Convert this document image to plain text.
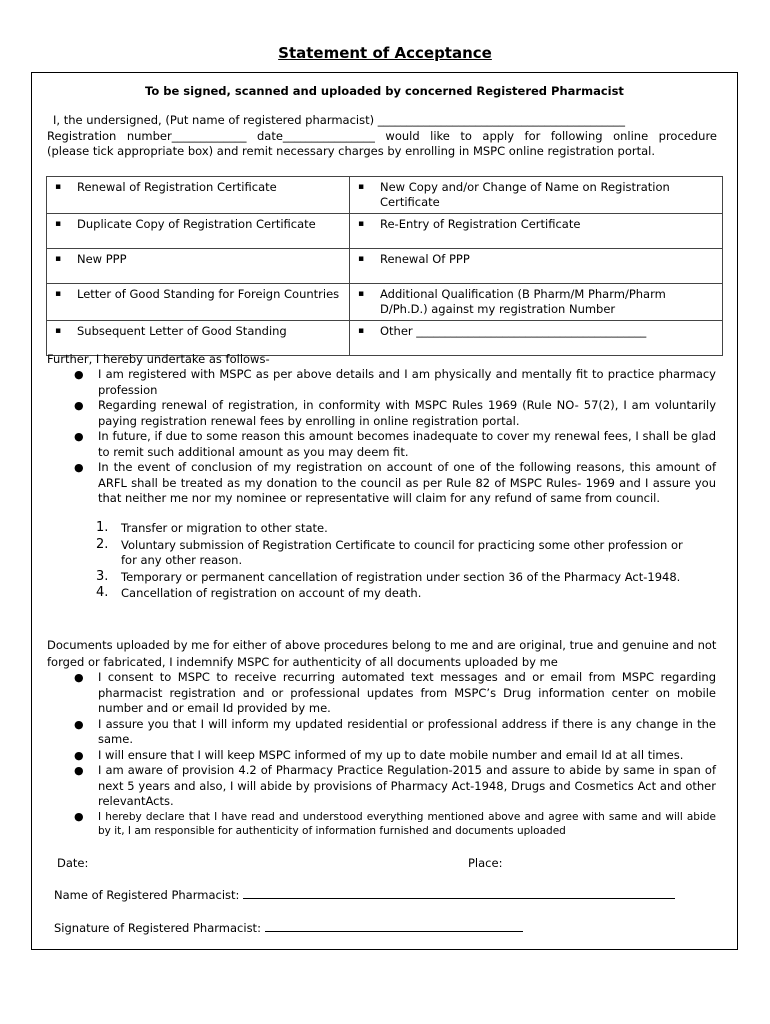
Statement of Acceptance
To be signed, scanned and uploaded by concerned Registered Pharmacist

I, the undersigned, (Put name of registered pharmacist) ___________________________________________

Registration number_____________ date________________ would like to apply for following online procedure

(please tick appropriate box) and remit necessary charges by enrolling in MSPC online registration portal.

▪ Renewal of Registration Certificate	▪ New Copy and/or Change of Name on Registration Certificate
▪ Duplicate Copy of Registration Certificate	▪ Re-Entry of Registration Certificate
▪ New PPP	▪ Renewal Of PPP
▪ Letter of Good Standing for Foreign Countries	▪ Additional Qualification (B Pharm/M Pharm/Pharm D/Ph.D.) against my registration Number
▪ Subsequent Letter of Good Standing	▪ Other ________________________________________
Further, I hereby undertake as follows-
● I am registered with MSPC as per above details and I am physically and mentally fit to practice pharmacy profession
● Regarding renewal of registration, in conformity with MSPC Rules 1969 (Rule NO- 57(2), I am voluntarily paying registration renewal fees by enrolling in online registration portal.
● In future, if due to some reason this amount becomes inadequate to cover my renewal fees, I shall be glad to remit such additional amount as you may deem fit.
● In the event of conclusion of my registration on account of one of the following reasons, this amount of ARFL shall be treated as my donation to the council as per Rule 82 of MSPC Rules- 1969 and I assure you that neither me nor my nominee or representative will claim for any refund of same from council.
1. Transfer or migration to other state.
2. Voluntary submission of Registration Certificate to council for practicing some other profession or for any other reason.
3. Temporary or permanent cancellation of registration under section 36 of the Pharmacy Act-1948.
4. Cancellation of registration on account of my death.
Documents uploaded by me for either of above procedures belong to me and are original, true and genuine and not forged or fabricated, I indemnify MSPC for authenticity of all documents uploaded by me
● I consent to MSPC to receive recurring automated text messages and or email from MSPC regarding pharmacist registration and or professional updates from MSPC’s Drug information center on mobile number and or email Id provided by me.
● I assure you that I will inform my updated residential or professional address if there is any change in the same.
● I will ensure that I will keep MSPC informed of my up to date mobile number and email Id at all times.
● I am aware of provision 4.2 of Pharmacy Practice Regulation-2015 and assure to abide by same in span of next 5 years and also, I will abide by provisions of Pharmacy Act-1948, Drugs and Cosmetics Act and other relevantActs.
● I hereby declare that I have read and understood everything mentioned above and agree with same and will abide by it, I am responsible for authenticity of information furnished and documents uploaded
Date:	Place:
Name of Registered Pharmacist:
Signature of Registered Pharmacist:
